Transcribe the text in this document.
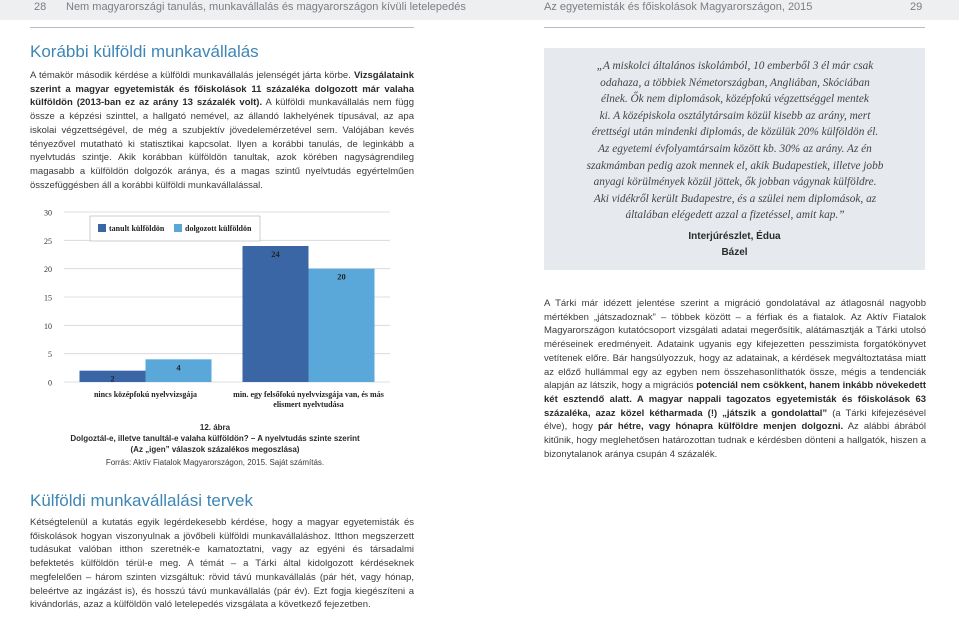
28 Nem magyarországi tanulás, munkavállalás és magyarországon kívüli letelepedés	Az egyetemisták és főiskolások Magyarországon, 2015	29
Korábbi külföldi munkavállalás

A témakör második kérdése a külföldi munkavállalás jelenségét járta körbe. Vizsgálataink szerint a magyar egyetemisták és főiskolások 11 százaléka dolgozott már valaha külföldön (2013-ban ez az arány 13 százalék volt). A külföldi munkavállalás nem függ össze a képzési szinttel, a hallgató nemével, az állandó lakhelyének típusával, az apa iskolai végzettségével, de még a szubjektív jövedelemérzetével sem. Valójában kevés tényezővel mutatható ki statisztikai kapcsolat. Ilyen a korábbi tanulás, de leginkább a nyelvtudás szintje. Akik korábban külföldön tanultak, azok körében nagyságrendileg magasabb a külföldön dolgozók aránya, és a magas szintű nyelvtudás egyértelműen összefüggésben áll a korábbi külföldi munkavállalással.

0
5
10
15
20
25
30
2
4
24
20
nincs középfokú nyelvvizsgája	min. egy felsőfokú nyelvvizsgája van, és más
elismert nyelvtudása
tanult külföldön	dolgozott külföldön

12. ábra

Dolgoztál-e, illetve tanultál-e valaha külföldön? – A nyelvtudás szinte szerint

(Az „igen” válaszok százalékos megoszlása)

Forrás: Aktív Fiatalok Magyarországon, 2015. Saját számítás.

Külföldi munkavállalási tervek

Kétségtelenül a kutatás egyik legérdekesebb kérdése, hogy a magyar egyetemisták és főiskolások hogyan viszonyulnak a jövőbeli külföldi munkavállaláshoz. Itthon megszerzett tudásukat valóban itthon szeretnék-e kamatoztatni, vagy az egyéni és társadalmi befektetés külföldön térül-e meg. A témát – a Tárki által kidolgozott kérdéseknek megfelelően – három szinten vizsgáltuk: rövid távú munkavállalás (pár hét, vagy hónap, beleértve az ingázást is), és hosszú távú munkavállalás (pár év). Ezt fogja kiegészíteni a kivándorlás, azaz a külföldön való letelepedés vizsgálata a következő fejezetben.

„A miskolci általános iskolámból, 10 emberből 3 él már csak
odahaza, a többiek Németországban, Angliában, Skóciában
élnek. Ők nem diplomások, középfokú végzettséggel mentek
ki. A középiskola osztálytársaim közül kisebb az arány, mert
érettségi után mindenki diplomás, de közülük 20% külföldön él.
Az egyetemi évfolyamtársaim között kb. 30% az arány. Az én
szakmámban pedig azok mennek el, akik Budapestiek, illetve jobb
anyagi körülmények közül jöttek, ők jobban vágynak külföldre.
Aki vidékről került Budapestre, és a szülei nem diplomások, az
általában elégedett azzal a fizetéssel, amit kap.”

Interjúrészlet, Édua

Bázel

A Tárki már idézett jelentése szerint a migráció gondolatával az átlagosnál nagyobb mértékben „játszadoznak” – többek között – a férfiak és a fiatalok. Az Aktív Fiatalok Magyarországon kutatócsoport vizsgálati adatai megerősítik, alátámasztják a Tárki utolsó méréseinek eredményeit. Adataink ugyanis egy kifejezetten pesszimista forgatókönyvet vetítenek előre. Bár hangsúlyozzuk, hogy az adatainak, a kérdések megváltoztatása miatt az előző hullámmal egy az egyben nem összehasonlíthatók össze, mégis a tendenciák alapján az látszik, hogy a migrációs potenciál nem csökkent, hanem inkább növekedett két esztendő alatt. A magyar nappali tagozatos egyetemisták és főiskolások 63 százaléka, azaz közel kétharmada (!) „játszik a gondolattal” (a Tárki kifejezésével élve), hogy pár hétre, vagy hónapra külföldre menjen dolgozni. Az alábbi ábrából kitűnik, hogy meglehetősen határozottan tudnak e kérdésben dönteni a hallgatók, hiszen a bizonytalanok aránya csupán 4 százalék.
